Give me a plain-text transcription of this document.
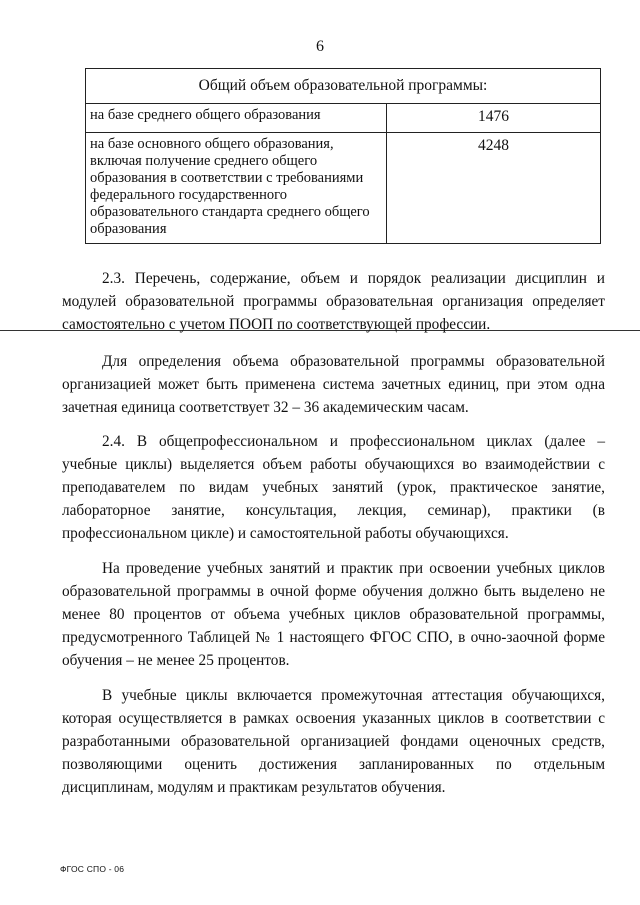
6
Общий объем образовательной программы:	
на базе среднего общего образования	1476
на базе основного общего образования, включая получение среднего общего образования в соответствии с требованиями федерального государственного образовательного стандарта среднего общего образования	4248

2.3. Перечень, содержание, объем и порядок реализации дисциплин и модулей образовательной программы образовательная организация определяет самостоятельно с учетом ПООП по соответствующей профессии.

Для определения объема образовательной программы образовательной организацией может быть применена система зачетных единиц, при этом одна зачетная единица соответствует 32 – 36 академическим часам.

2.4. В общепрофессиональном и профессиональном циклах (далее – учебные циклы) выделяется объем работы обучающихся во взаимодействии с преподавателем по видам учебных занятий (урок, практическое занятие, лабораторное занятие, консультация, лекция, семинар), практики (в профессиональном цикле) и самостоятельной работы обучающихся.

На проведение учебных занятий и практик при освоении учебных циклов образовательной программы в очной форме обучения должно быть выделено не менее 80 процентов от объема учебных циклов образовательной программы, предусмотренного Таблицей № 1 настоящего ФГОС СПО, в очно-заочной форме обучения – не менее 25 процентов.

В учебные циклы включается промежуточная аттестация обучающихся, которая осуществляется в рамках освоения указанных циклов в соответствии с разработанными образовательной организацией фондами оценочных средств, позволяющими оценить достижения запланированных по отдельным дисциплинам, модулям и практикам результатов обучения.

ФГОС СПО - 06
